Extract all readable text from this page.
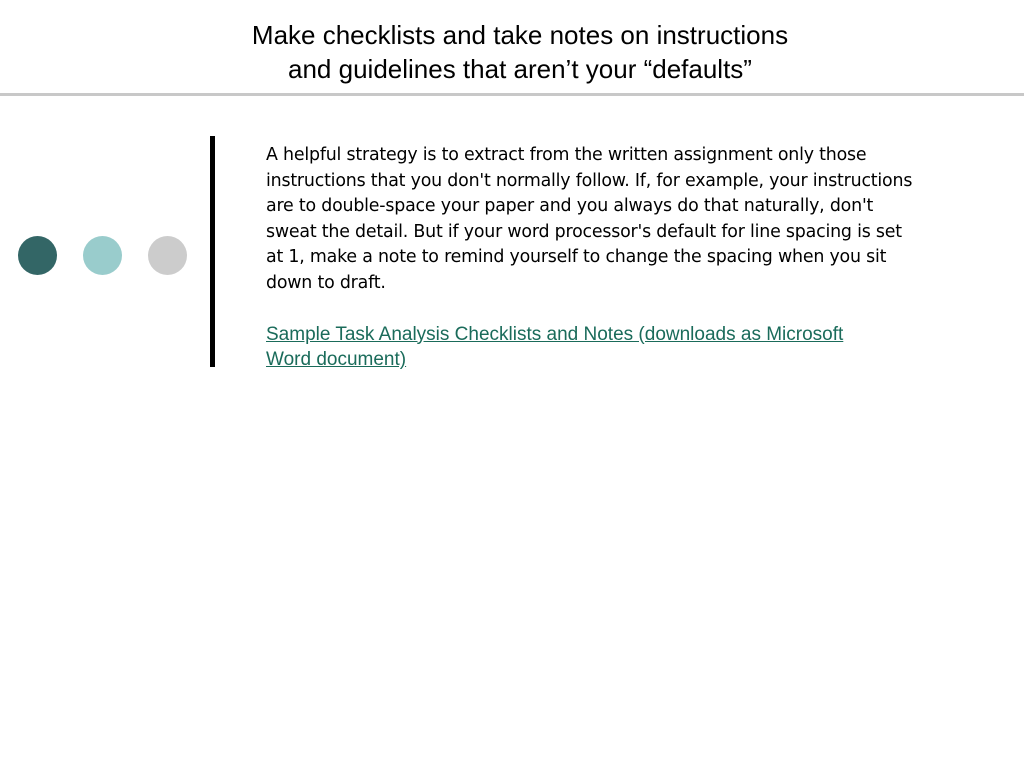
Make checklists and take notes on instructions
and guidelines that aren’t your “defaults”

A helpful strategy is to extract from the written assignment only those instructions that you don't normally follow. If, for example, your instructions are to double-space your paper and you always do that naturally, don't sweat the detail. But if your word processor's default for line spacing is set at 1, make a note to remind yourself to change the spacing when you sit down to draft.

Sample Task Analysis Checklists and Notes (downloads as Microsoft Word document)
